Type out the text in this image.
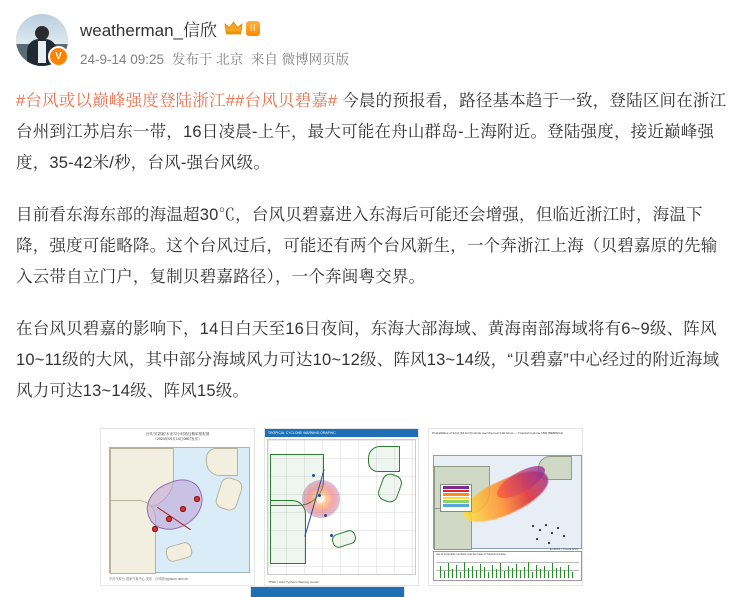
V
weatherman_信欣	II
24-9-14 09:25 发布于 北京 来自 微博网页版

#台风或以巅峰强度登陆浙江##台风贝碧嘉# 今晨的预报看，路径基本趋于一致，登陆区间在浙江台州到江苏启东一带，16日凌晨-上午，最大可能在舟山群岛-上海附近。登陆强度，接近巅峰强度，35-42米/秒，台风-强台风级。

目前看东海东部的海温超30℃，台风贝碧嘉进入东海后可能还会增强，但临近浙江时，海温下降，强度可能略降。这个台风过后，可能还有两个台风新生，一个奔浙江上海（贝碧嘉原的先输入云带自立门户，复制贝碧嘉路径），一个奔闽粤交界。

在台风贝碧嘉的影响下，14日白天至16日夜间，东海大部海域、黄海南部海域将有6~9级、阵风10~11级的大风，其中部分海域风力可达10~12级、阵风13~14级，“贝碧嘉”中心经过的附近海域风力可达13~14级、阵风15级。

台风“贝碧嘉”未来72小时路径概率预报图
（2024年09月14日08时发布）
中央气象台 国家气象中心 发布 · 台风网 typhoon.nmc.cn
TROPICAL CYCLONE WARNING GRAPHIC
JTWC / Joint Typhoon Warning Center
Probabilities of 34 kt (64 km/h) winds over the next 120 hours — Tropical Cyclone 15W (BEBINCA)
ECMWF / TIGGE ENS
List of ensemble members over the track of Tropical Cyclone
